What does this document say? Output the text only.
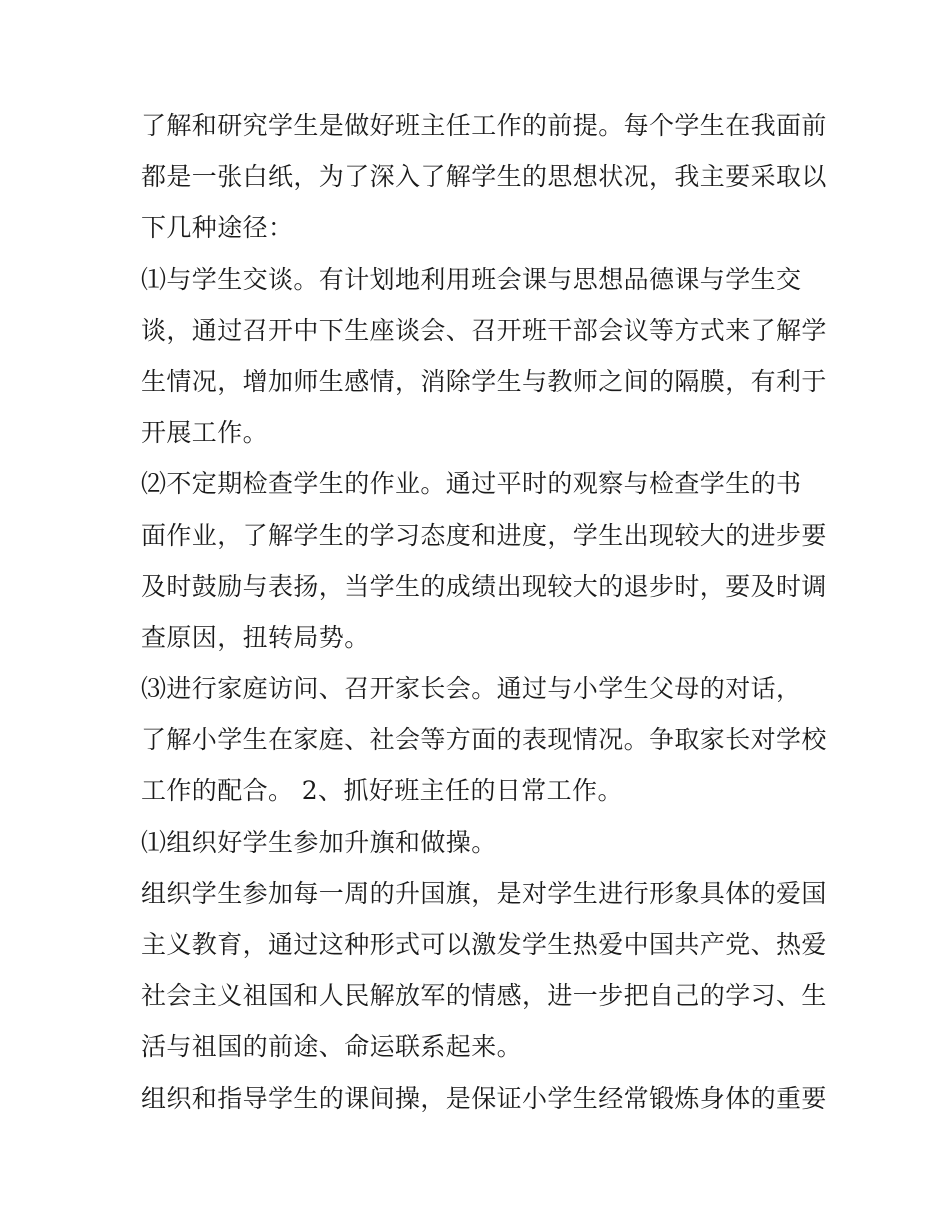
了解和研究学生是做好班主任工作的前提。每个学生在我面前
都是一张白纸，为了深入了解学生的思想状况，我主要采取以
下几种途径：
⑴与学生交谈。有计划地利用班会课与思想品德课与学生交
谈，通过召开中下生座谈会、召开班干部会议等方式来了解学
生情况，增加师生感情，消除学生与教师之间的隔膜，有利于
开展工作。
⑵不定期检查学生的作业。通过平时的观察与检查学生的书
面作业，了解学生的学习态度和进度，学生出现较大的进步要
及时鼓励与表扬，当学生的成绩出现较大的退步时，要及时调
查原因，扭转局势。
⑶进行家庭访问、召开家长会。通过与小学生父母的对话，
了解小学生在家庭、社会等方面的表现情况。争取家长对学校
工作的配合。 2、抓好班主任的日常工作。
⑴组织好学生参加升旗和做操。
组织学生参加每一周的升国旗，是对学生进行形象具体的爱国
主义教育，通过这种形式可以激发学生热爱中国共产党、热爱
社会主义祖国和人民解放军的情感，进一步把自己的学习、生
活与祖国的前途、命运联系起来。
组织和指导学生的课间操，是保证小学生经常锻炼身体的重要
